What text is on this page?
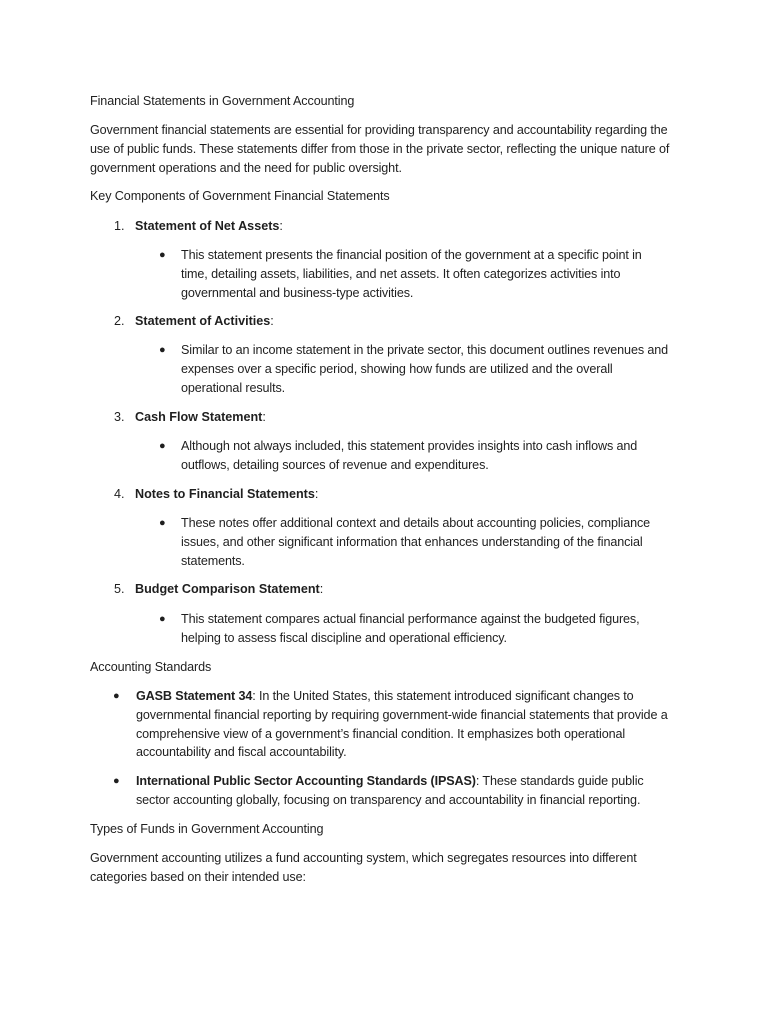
Financial Statements in Government Accounting

Government financial statements are essential for providing transparency and accountability regarding the use of public funds. These statements differ from those in the private sector, reflecting the unique nature of government operations and the need for public oversight.

Key Components of Government Financial Statements

1. Statement of Net Assets:
● This statement presents the financial position of the government at a specific point in time, detailing assets, liabilities, and net assets. It often categorizes activities into governmental and business-type activities.
2. Statement of Activities:
● Similar to an income statement in the private sector, this document outlines revenues and expenses over a specific period, showing how funds are utilized and the overall operational results.
3. Cash Flow Statement:
● Although not always included, this statement provides insights into cash inflows and outflows, detailing sources of revenue and expenditures.
4. Notes to Financial Statements:
● These notes offer additional context and details about accounting policies, compliance issues, and other significant information that enhances understanding of the financial statements.
5. Budget Comparison Statement:
● This statement compares actual financial performance against the budgeted figures, helping to assess fiscal discipline and operational efficiency.

Accounting Standards

● GASB Statement 34: In the United States, this statement introduced significant changes to governmental financial reporting by requiring government-wide financial statements that provide a comprehensive view of a government’s financial condition. It emphasizes both operational accountability and fiscal accountability.
● International Public Sector Accounting Standards (IPSAS): These standards guide public sector accounting globally, focusing on transparency and accountability in financial reporting.

Types of Funds in Government Accounting

Government accounting utilizes a fund accounting system, which segregates resources into different categories based on their intended use:
